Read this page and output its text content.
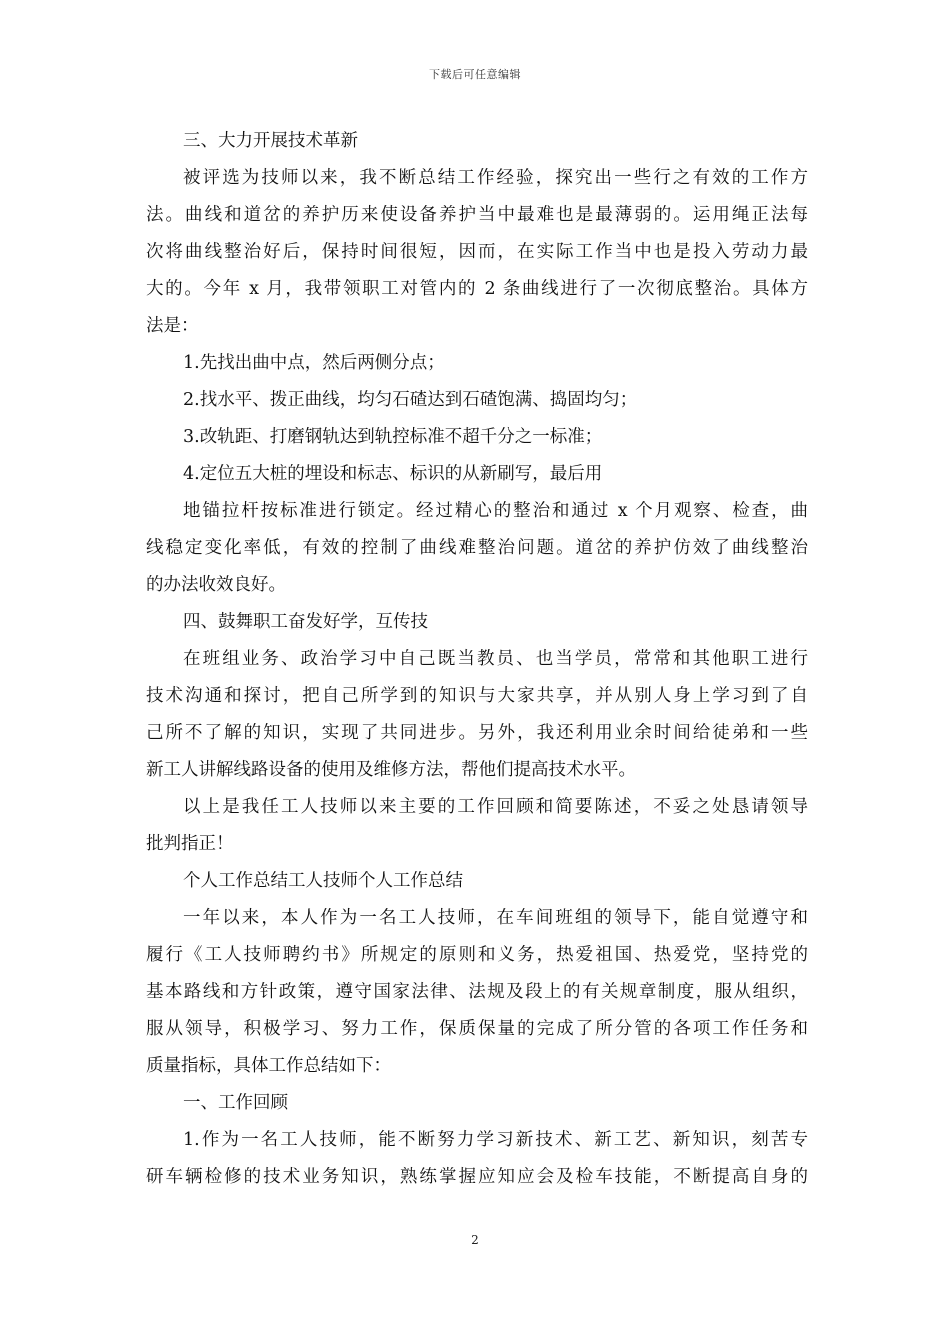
下载后可任意编辑
三、大力开展技术革新
被评选为技师以来，我不断总结工作经验，探究出一些行之有效的工作方
法。曲线和道岔的养护历来使设备养护当中最难也是最薄弱的。运用绳正法每
次将曲线整治好后，保持时间很短，因而，在实际工作当中也是投入劳动力最
大的。今年 x 月，我带领职工对管内的 2 条曲线进行了一次彻底整治。具体方
法是：
1.先找出曲中点，然后两侧分点；
2.找水平、拨正曲线，均匀石碴达到石碴饱满、捣固均匀；
3.改轨距、打磨钢轨达到轨控标准不超千分之一标准；
4.定位五大桩的埋设和标志、标识的从新刷写，最后用
地锚拉杆按标准进行锁定。经过精心的整治和通过 x 个月观察、检查，曲
线稳定变化率低，有效的控制了曲线难整治问题。道岔的养护仿效了曲线整治
的办法收效良好。
四、鼓舞职工奋发好学，互传技
在班组业务、政治学习中自己既当教员、也当学员，常常和其他职工进行
技术沟通和探讨，把自己所学到的知识与大家共享，并从别人身上学习到了自
己所不了解的知识，实现了共同进步。另外，我还利用业余时间给徒弟和一些
新工人讲解线路设备的使用及维修方法，帮他们提高技术水平。
以上是我任工人技师以来主要的工作回顾和简要陈述，不妥之处恳请领导
批判指正！
个人工作总结工人技师个人工作总结
一年以来，本人作为一名工人技师，在车间班组的领导下，能自觉遵守和
履行《工人技师聘约书》所规定的原则和义务，热爱祖国、热爱党，坚持党的
基本路线和方针政策，遵守国家法律、法规及段上的有关规章制度，服从组织，
服从领导，积极学习、努力工作，保质保量的完成了所分管的各项工作任务和
质量指标，具体工作总结如下：
一、工作回顾
1.作为一名工人技师，能不断努力学习新技术、新工艺、新知识，刻苦专
研车辆检修的技术业务知识，熟练掌握应知应会及检车技能，不断提高自身的
2
